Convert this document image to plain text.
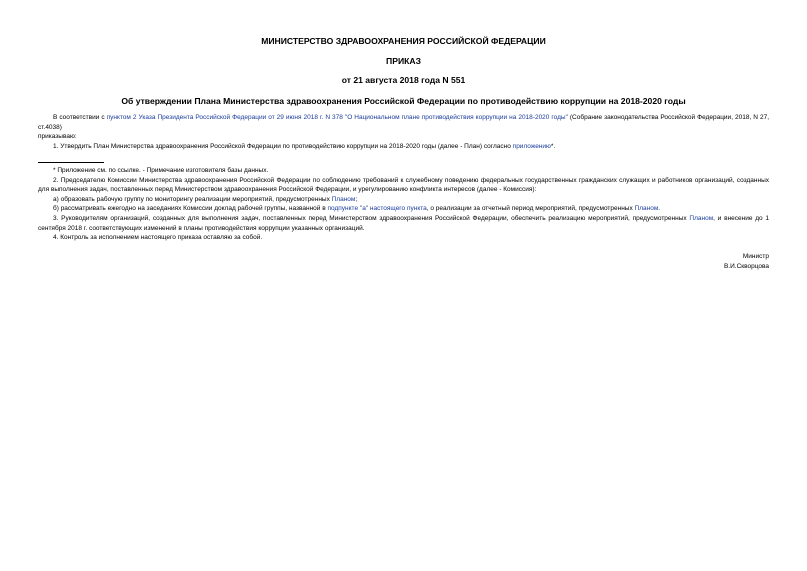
МИНИСТЕРСТВО ЗДРАВООХРАНЕНИЯ РОССИЙСКОЙ ФЕДЕРАЦИИ
ПРИКАЗ
от 21 августа 2018 года N 551
Об утверждении Плана Министерства здравоохранения Российской Федерации по противодействию коррупции на 2018-2020 годы

В соответствии с пунктом 2 Указа Президента Российской Федерации от 29 июня 2018 г. N 378 "О Национальном плане противодействия коррупции на 2018-2020 годы" (Собрание законодательства Российской Федерации, 2018, N 27, ст.4038)

приказываю:

1. Утвердить План Министерства здравоохранения Российской Федерации по противодействию коррупции на 2018-2020 годы (далее - План) согласно приложению*.

* Приложение см. по ссылке. - Примечание изготовителя базы данных.

2. Председателю Комиссии Министерства здравоохранения Российской Федерации по соблюдению требований к служебному поведению федеральных государственных гражданских служащих и работников организаций, созданных для выполнения задач, поставленных перед Министерством здравоохранения Российской Федерации, и урегулированию конфликта интересов (далее - Комиссия):

а) образовать рабочую группу по мониторингу реализации мероприятий, предусмотренных Планом;

б) рассматривать ежегодно на заседаниях Комиссии доклад рабочей группы, названной в подпункте "а" настоящего пункта, о реализации за отчетный период мероприятий, предусмотренных Планом.

3. Руководителям организаций, созданных для выполнения задач, поставленных перед Министерством здравоохранения Российской Федерации, обеспечить реализацию мероприятий, предусмотренных Планом, и внесение до 1 сентября 2018 г. соответствующих изменений в планы противодействия коррупции указанных организаций.

4. Контроль за исполнением настоящего приказа оставляю за собой.

Министр
В.И.Скворцова
